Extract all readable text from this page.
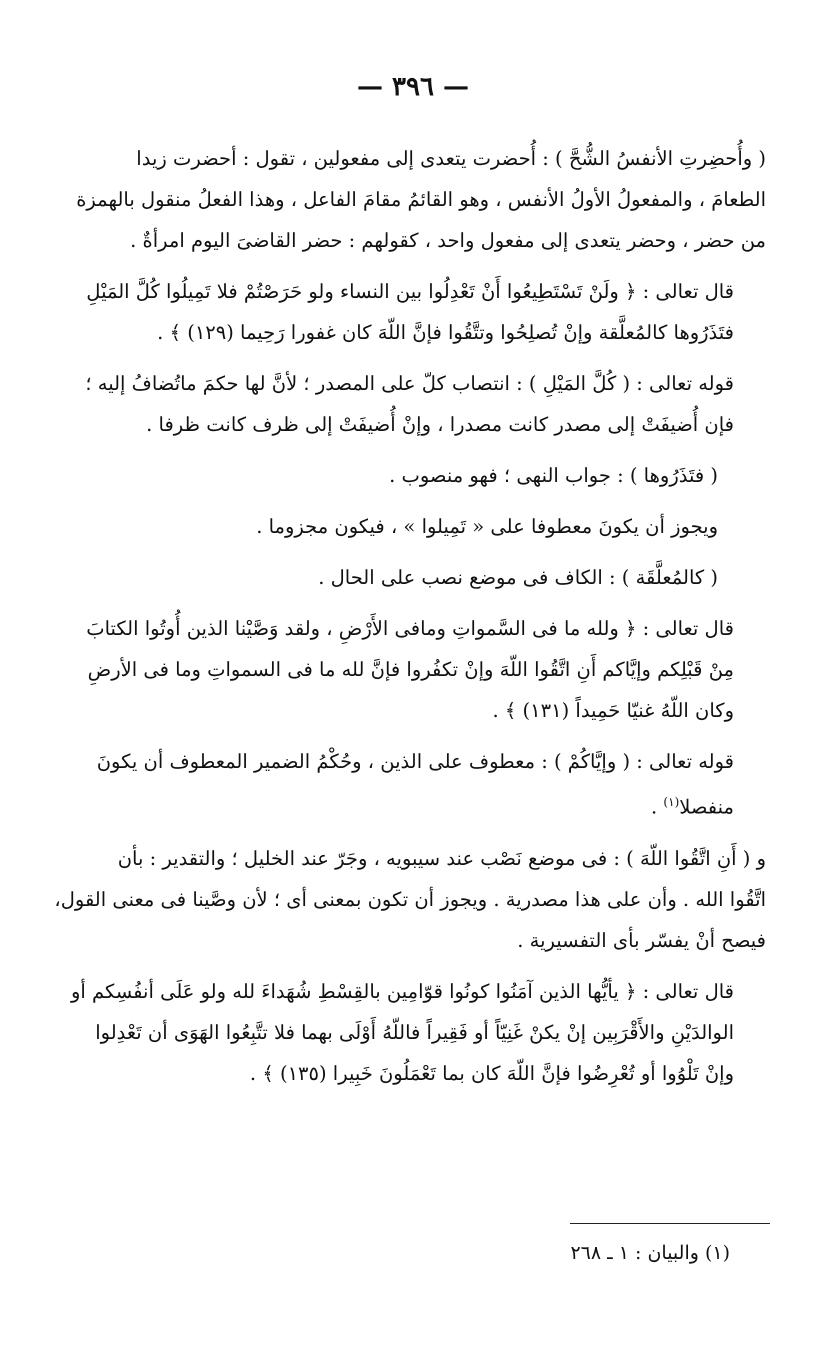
— ٣٩٦ —
( وأُحضِرتِ الأنفسُ الشُّحَّ ) : أُحضرت يتعدى إلى مفعولين ، تقول : أحضرت زيدا
الطعامَ ، والمفعولُ الأولُ الأنفس ، وهو القائمُ مقامَ الفاعل ، وهذا الفعلُ منقول بالهمزة
من حضر ، وحضر يتعدى إلى مفعول واحد ، كقولهم : حضر القاضىَ اليوم امرأةٌ .
قال تعالى : ﴿ ولَنْ تَسْتَطِيعُوا أَنْ تَعْدِلُوا بين النساء ولو حَرَصْتُمْ فلا تَمِيلُوا كُلَّ المَيْلِ
فتَذَرُوها كالمُعلَّقة وإنْ تُصلِحُوا وتتَّقُوا فإنَّ اللّهَ كان غفورا رَحِيما (١٢٩) ﴾ .
قوله تعالى : ( كُلَّ المَيْلِ ) : انتصاب كلّ على المصدر ؛ لأنَّ لها حكمَ ماتُضافُ إليه ؛
فإن أُضيفَتْ إلى مصدر كانت مصدرا ، وإنْ أُضيفَتْ إلى ظرف كانت ظرفا .
( فتَذَرُوها ) : جواب النهى ؛ فهو منصوب .
ويجوز أن يكونَ معطوفا على « تَمِيلوا » ، فيكون مجزوما .
( كالمُعلَّقَة ) : الكاف فى موضع نصب على الحال .
قال تعالى : ﴿ ولله ما فى السَّمواتِ ومافى الأَرْضِ ، ولقد وَصَّيْنا الذين أُوتُوا الكتابَ
مِنْ قَبْلِكم وإيَّاكم أَنِ اتَّقُوا اللّهَ وإنْ تكفُروا فإنَّ لله ما فى السمواتِ وما فى الأرضِ
وكان اللّهُ غنيّا حَمِيداً (١٣١) ﴾ .
قوله تعالى : ( وإيَّاكُمْ ) : معطوف على الذين ، وحُكْمُ الضمير المعطوف أن يكونَ
منفصلا$^{(١)}$ .
و ( أَنِ اتَّقُوا اللّهَ ) : فى موضع نَصْب عند سيبويه ، وجَرّ عند الخليل ؛ والتقدير : بأن
اتَّقُوا الله . وأن على هذا مصدرية . ويجوز أن تكون بمعنى أى ؛ لأن وصَّينا فى معنى القول،
فيصح أنْ يفسّر بأى التفسيرية .
قال تعالى : ﴿ يأيُّها الذين آمَنُوا كونُوا قوّامِين بالقِسْطِ شُهَداءَ لله ولو عَلَى أنفُسِكم أو
الوالدَيْنِ والأَقْرَبِين إنْ يكنْ غَنِيّاً أو فَقِيراً فاللّهُ أَوْلَى بهما فلا تتَّبِعُوا الهَوَى أن تَعْدِلوا
وإنْ تَلْوُوا أو تُعْرِضُوا فإنَّ اللّهَ كان بما تَعْمَلُونَ خَبِيرا (١٣٥) ﴾ .
(١) والبيان : ١ ـ ٢٦٨
